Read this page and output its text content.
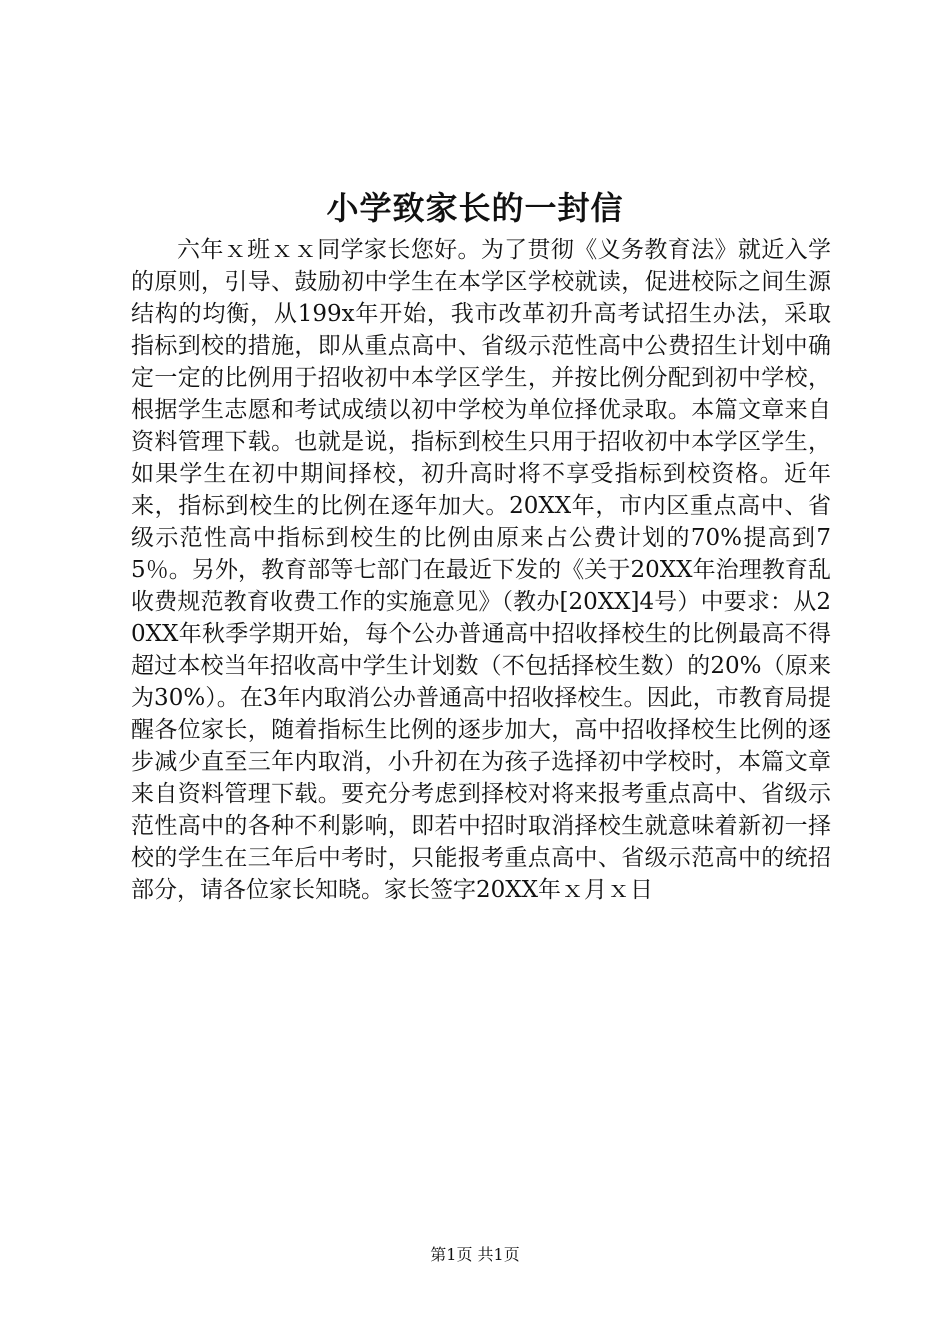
小学致家长的一封信

六年ｘ班ｘｘ同学家长您好。为了贯彻《义务教育法》就近入学的原则，引导、鼓励初中学生在本学区学校就读，促进校际之间生源结构的均衡，从199x年开始，我市改革初升高考试招生办法，采取指标到校的措施，即从重点高中、省级示范性高中公费招生计划中确定一定的比例用于招收初中本学区学生，并按比例分配到初中学校，根据学生志愿和考试成绩以初中学校为单位择优录取。本篇文章来自资料管理下载。也就是说，指标到校生只用于招收初中本学区学生，如果学生在初中期间择校，初升高时将不享受指标到校资格。近年来，指标到校生的比例在逐年加大。20XX年，市内区重点高中、省级示范性高中指标到校生的比例由原来占公费计划的70%提高到75％。另外，教育部等七部门在最近下发的《关于20XX年治理教育乱收费规范教育收费工作的实施意见》（教办[20XX]4号）中要求：从20XX年秋季学期开始，每个公办普通高中招收择校生的比例最高不得超过本校当年招收高中学生计划数（不包括择校生数）的20%（原来为30%）。在3年内取消公办普通高中招收择校生。因此，市教育局提醒各位家长，随着指标生比例的逐步加大，高中招收择校生比例的逐步减少直至三年内取消，小升初在为孩子选择初中学校时，本篇文章来自资料管理下载。要充分考虑到择校对将来报考重点高中、省级示范性高中的各种不利影响，即若中招时取消择校生就意味着新初一择校的学生在三年后中考时，只能报考重点高中、省级示范高中的统招部分，请各位家长知晓。家长签字20XX年ｘ月ｘ日

第1页 共1页
